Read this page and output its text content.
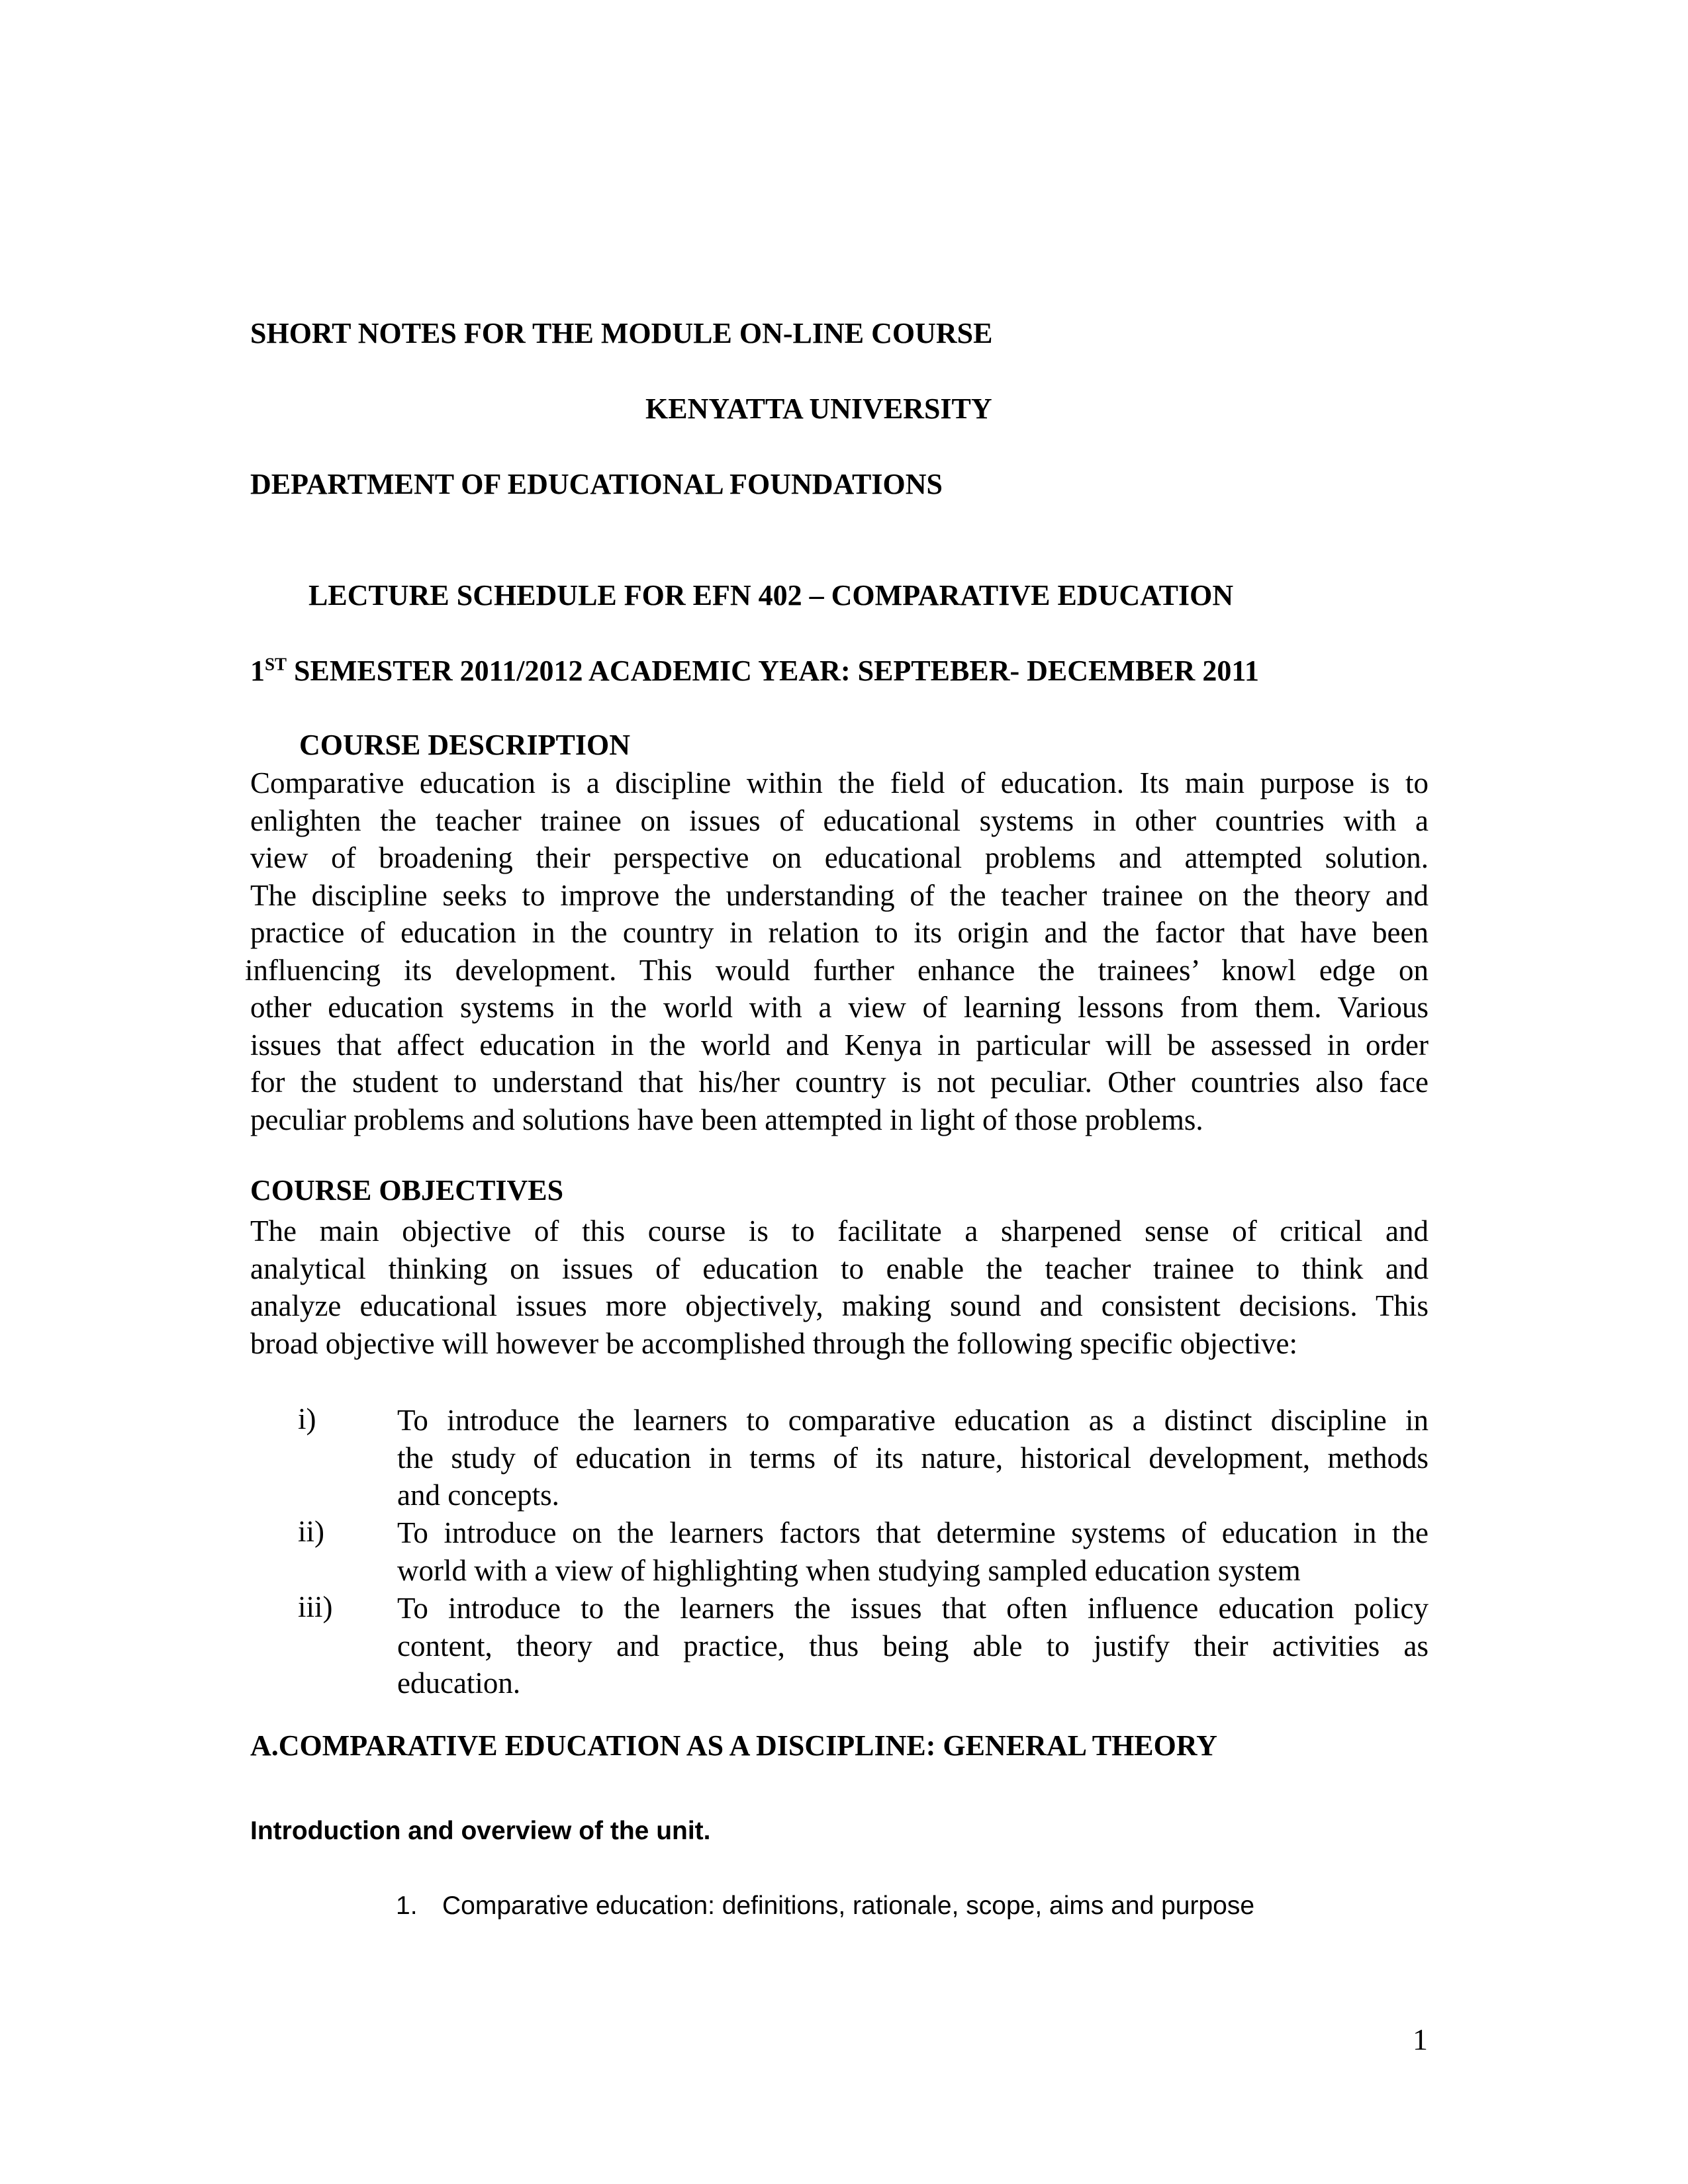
SHORT NOTES FOR THE MODULE ON-LINE COURSE
KENYATTA UNIVERSITY
DEPARTMENT OF EDUCATIONAL FOUNDATIONS
LECTURE SCHEDULE FOR EFN 402 – COMPARATIVE EDUCATION
1ST SEMESTER 2011/2012 ACADEMIC YEAR: SEPTEBER- DECEMBER 2011
COURSE DESCRIPTION
Comparative education is a discipline within the field of education. Its main purpose is to
enlighten the teacher trainee on issues of educational systems in other countries with a
view of broadening their perspective on educational problems and attempted solution.
The discipline seeks to improve the understanding of the teacher trainee on the theory and
practice of education in the country in relation to its origin and the factor that have been
influencing its development. This would further enhance the trainees’ knowl edge on
other education systems in the world with a view of learning lessons from them. Various
issues that affect education in the world and Kenya in particular will be assessed in order
for the student to understand that his/her country is not peculiar. Other countries also face
peculiar problems and solutions have been attempted in light of those problems.
COURSE OBJECTIVES
The main objective of this course is to facilitate a sharpened sense of critical and
analytical thinking on issues of education to enable the teacher trainee to think and
analyze educational issues more objectively, making sound and consistent decisions. This
broad objective will however be accomplished through the following specific objective:
i)	To introduce the learners to comparative education as a distinct discipline in
the study of education in terms of its nature, historical development, methods
and concepts.
ii) To introduce on the learners factors that determine systems of education in the
world with a view of highlighting when studying sampled education system
iii) To introduce to the learners the issues that often influence education policy
content, theory and practice, thus being able to justify their activities as
education.
A.COMPARATIVE EDUCATION AS A DISCIPLINE: GENERAL THEORY
Introduction and overview of the unit.
1. Comparative education: definitions, rationale, scope, aims and purpose
1
